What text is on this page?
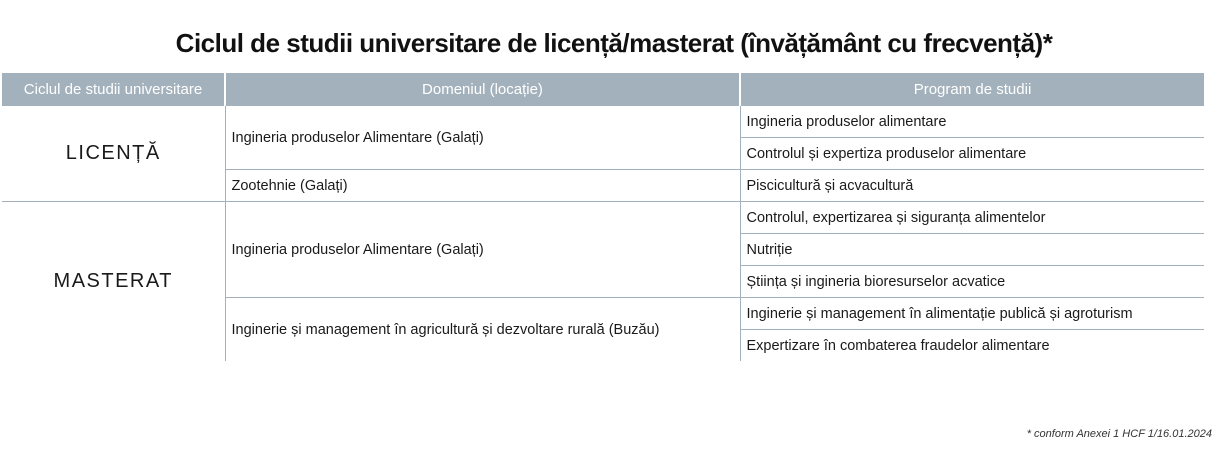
Ciclul de studii universitare de licență/masterat (învățământ cu frecvență)*
Ciclul de studii universitare	Domeniul (locație)	Program de studii
LICENȚĂ	Ingineria produselor Alimentare (Galați)	Ingineria produselor alimentare
		Controlul și expertiza produselor alimentare
	Zootehnie (Galați)	Piscicultură și acvacultură
MASTERAT	Ingineria produselor Alimentare (Galați)	Controlul, expertizarea și siguranța alimentelor
		Nutriție
		Știința și ingineria bioresurselor acvatice
	Inginerie și management în agricultură și dezvoltare rurală (Buzău)	Inginerie și management în alimentație publică și agroturism
		Expertizare în combaterea fraudelor alimentare
* conform Anexei 1 HCF 1/16.01.2024
